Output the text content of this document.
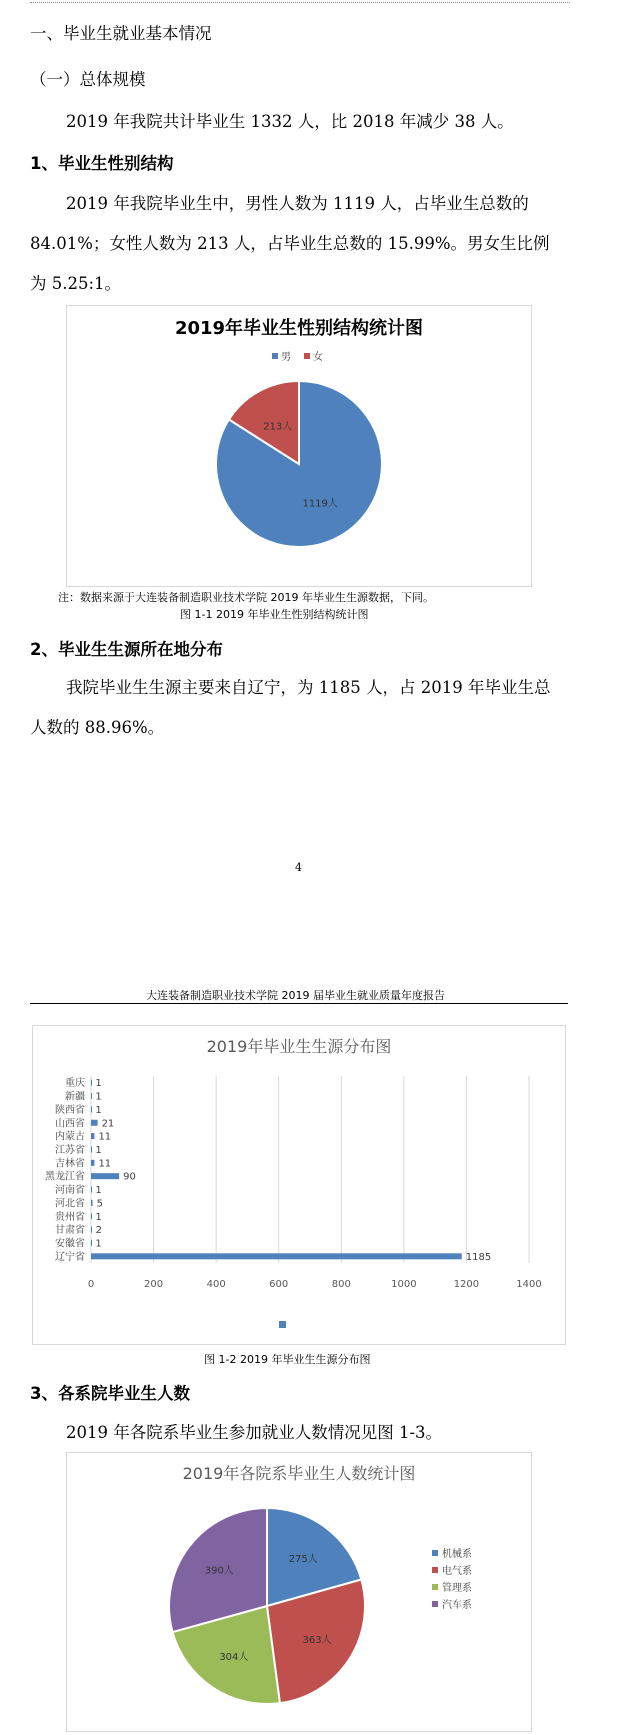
一、毕业生就业基本情况
（一）总体规模
2019 年我院共计毕业生 1332 人，比 2018 年减少 38 人。
1、毕业生性别结构
2019 年我院毕业生中，男性人数为 1119 人，占毕业生总数的
84.01%；女性人数为 213 人，占毕业生总数的 15.99%。男女生比例
为 5.25:1。
2019年毕业生性别结构统计图
男 女
1119人
213人
注：数据来源于大连装备制造职业技术学院 2019 年毕业生生源数据，下同。
图 1-1 2019 年毕业生性别结构统计图
2、毕业生生源所在地分布
我院毕业生生源主要来自辽宁，为 1185 人，占 2019 年毕业生总
人数的 88.96%。
4
大连装备制造职业技术学院 2019 届毕业生就业质量年度报告
2019年毕业生生源分布图
辽宁省
安徽省
甘肃省
贵州省
河北省
河南省
黑龙江省
吉林省
江苏省
内蒙古
山西省
陕西省
新疆
重庆
1185
1
2
1
5
1
90
11
1
11
21
1
1
1
0	200	400	600	800	1000	1200	1400
图 1-2 2019 年毕业生生源分布图
3、各系院毕业生人数
2019 年各院系毕业生参加就业人数情况见图 1-3。
2019年各院系毕业生人数统计图
275人
363人
304人
390人
机械系
电气系
管理系
汽车系
